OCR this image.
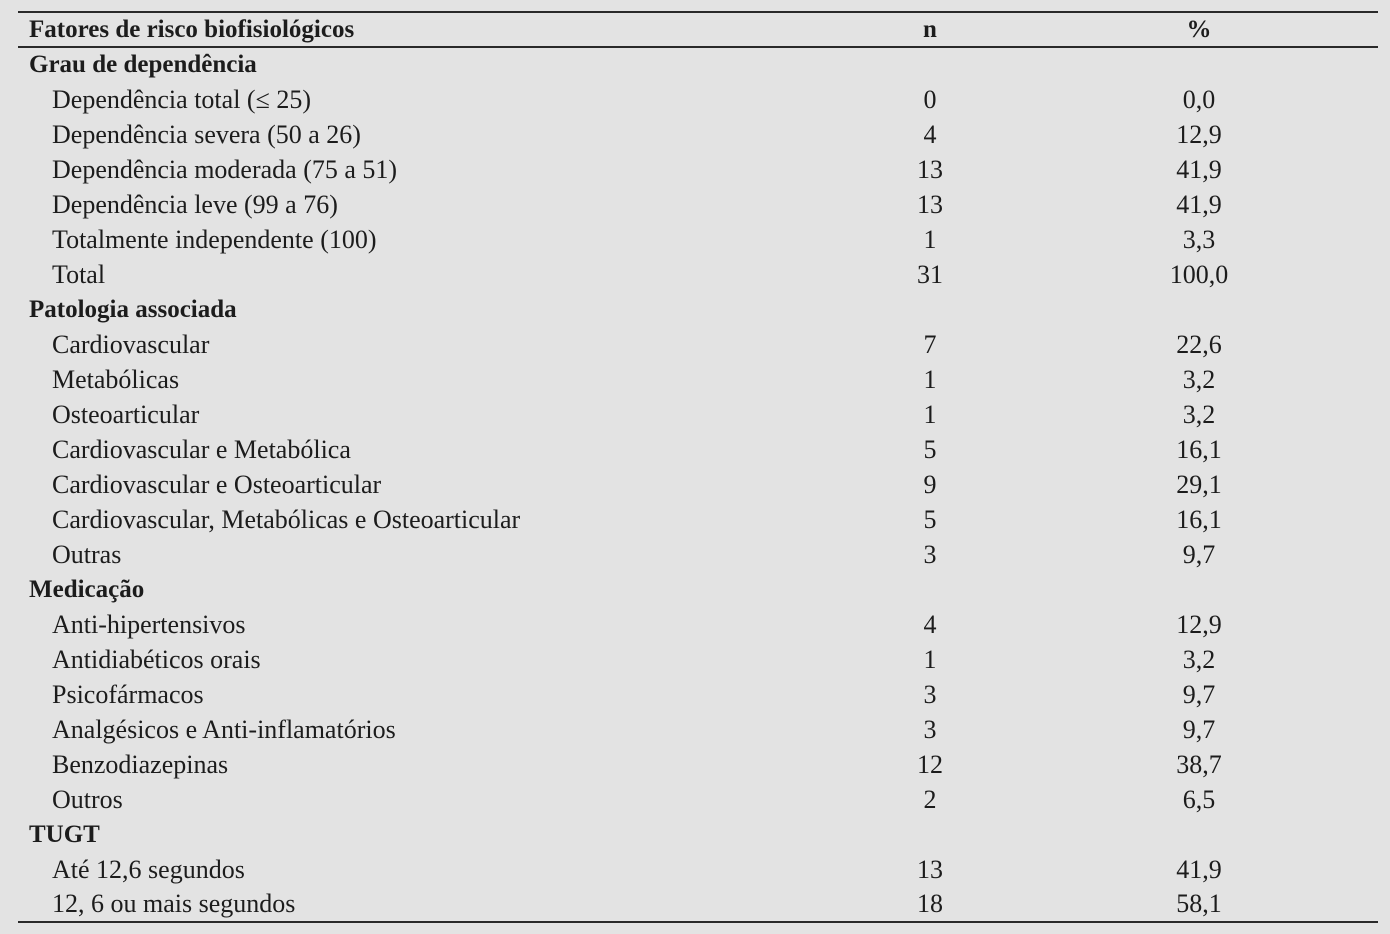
Fatores de risco biofisiológicos	n	%
Grau de dependência		
Dependência total (≤ 25)	0	0,0
Dependência severa (50 a 26)	4	12,9
Dependência moderada (75 a 51)	13	41,9
Dependência leve (99 a 76)	13	41,9
Totalmente independente (100)	1	3,3
Total	31	100,0
Patologia associada		
Cardiovascular	7	22,6
Metabólicas	1	3,2
Osteoarticular	1	3,2
Cardiovascular e Metabólica	5	16,1
Cardiovascular e Osteoarticular	9	29,1
Cardiovascular, Metabólicas e Osteoarticular	5	16,1
Outras	3	9,7
Medicação		
Anti-hipertensivos	4	12,9
Antidiabéticos orais	1	3,2
Psicofármacos	3	9,7
Analgésicos e Anti-inflamatórios	3	9,7
Benzodiazepinas	12	38,7
Outros	2	6,5
TUGT		
Até 12,6 segundos	13	41,9
12, 6 ou mais segundos	18	58,1
